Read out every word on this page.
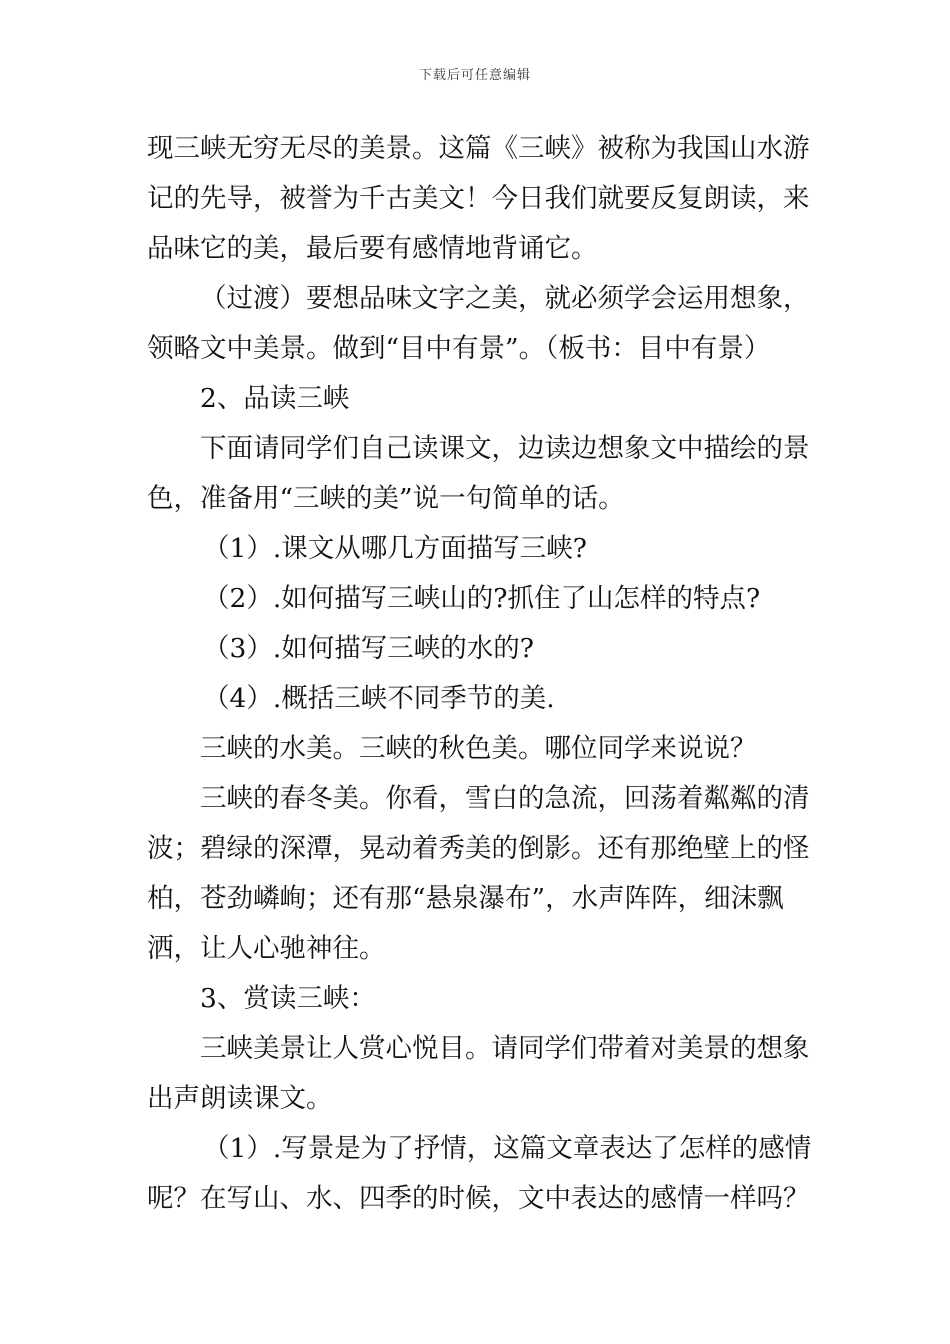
下载后可任意编辑
现三峡无穷无尽的美景。这篇《三峡》被称为我国山水游
记的先导，被誉为千古美文！今日我们就要反复朗读，来
品味它的美，最后要有感情地背诵它。
（过渡）要想品味文字之美，就必须学会运用想象，
领略文中美景。做到“目中有景”。（板书：目中有景）
2、品读三峡
下面请同学们自己读课文，边读边想象文中描绘的景
色，准备用“三峡的美”说一句简单的话。
（1）.课文从哪几方面描写三峡?
（2）.如何描写三峡山的?抓住了山怎样的特点?
（3）.如何描写三峡的水的?
（4）.概括三峡不同季节的美.
三峡的水美。三峡的秋色美。哪位同学来说说？
三峡的春冬美。你看，雪白的急流，回荡着粼粼的清
波；碧绿的深潭，晃动着秀美的倒影。还有那绝壁上的怪
柏，苍劲嶙峋；还有那“悬泉瀑布”，水声阵阵，细沫飘
洒，让人心驰神往。
3、赏读三峡：
三峡美景让人赏心悦目。请同学们带着对美景的想象
出声朗读课文。
（1）.写景是为了抒情，这篇文章表达了怎样的感情
呢？在写山、水、四季的时候，文中表达的感情一样吗？
